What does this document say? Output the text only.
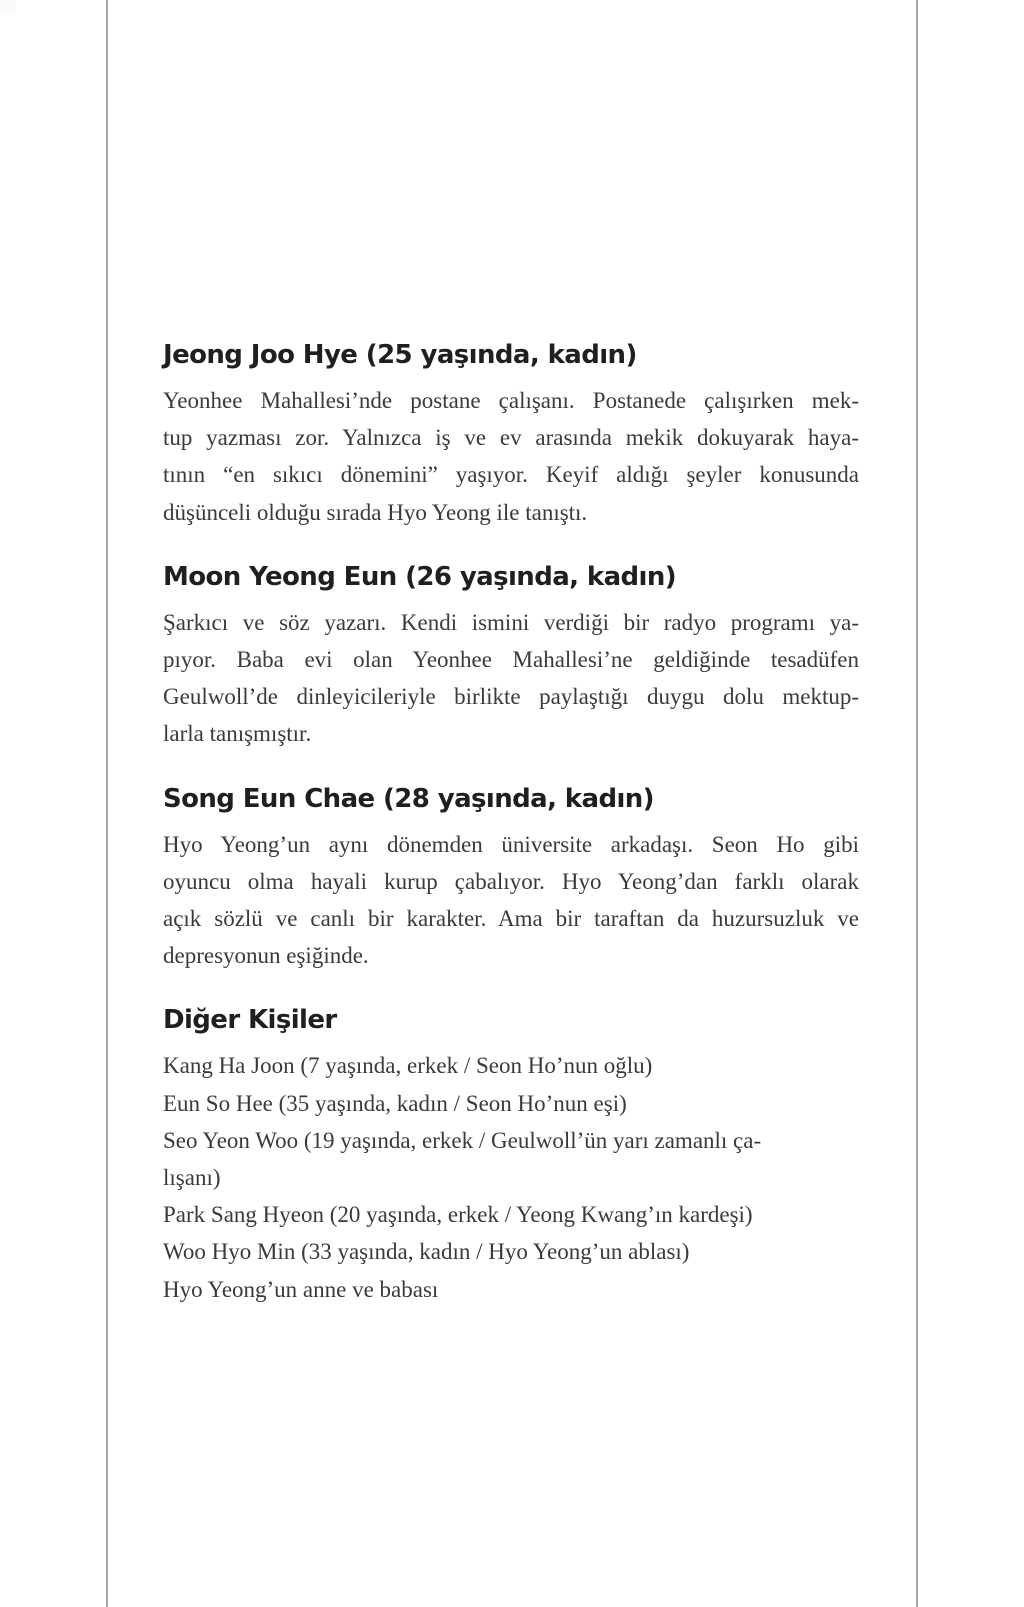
Jeong Joo Hye (25 yaşında, kadın)
Yeonhee Mahallesi’nde postane çalışanı. Postanede çalışırken mek-
tup yazması zor. Yalnızca iş ve ev arasında mekik dokuyarak haya-
tının “en sıkıcı dönemini” yaşıyor. Keyif aldığı şeyler konusunda
düşünceli olduğu sırada Hyo Yeong ile tanıştı.
Moon Yeong Eun (26 yaşında, kadın)
Şarkıcı ve söz yazarı. Kendi ismini verdiği bir radyo programı ya-
pıyor. Baba evi olan Yeonhee Mahallesi’ne geldiğinde tesadüfen
Geulwoll’de dinleyicileriyle birlikte paylaştığı duygu dolu mektup-
larla tanışmıştır.
Song Eun Chae (28 yaşında, kadın)
Hyo Yeong’un aynı dönemden üniversite arkadaşı. Seon Ho gibi
oyuncu olma hayali kurup çabalıyor. Hyo Yeong’dan farklı olarak
açık sözlü ve canlı bir karakter. Ama bir taraftan da huzursuzluk ve
depresyonun eşiğinde.
Diğer Kişiler
Kang Ha Joon (7 yaşında, erkek / Seon Ho’nun oğlu)
Eun So Hee (35 yaşında, kadın / Seon Ho’nun eşi)
Seo Yeon Woo (19 yaşında, erkek / Geulwoll’ün yarı zamanlı ça-
lışanı)
Park Sang Hyeon (20 yaşında, erkek / Yeong Kwang’ın kardeşi)
Woo Hyo Min (33 yaşında, kadın / Hyo Yeong’un ablası)
Hyo Yeong’un anne ve babası
